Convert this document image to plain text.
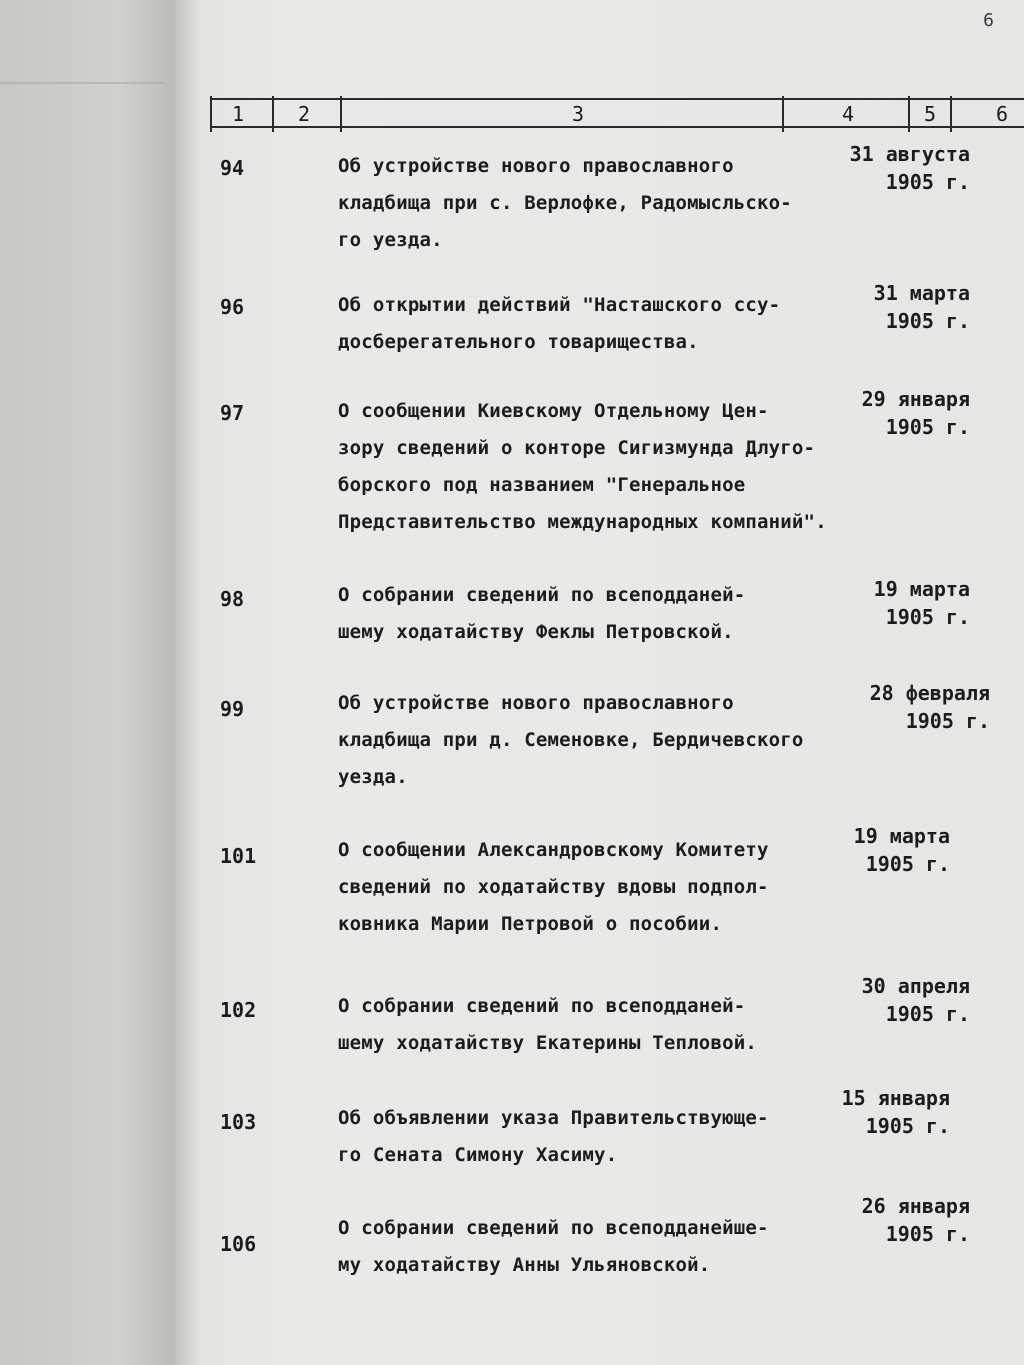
6
1	2	3	4	5	6
94	Об устройстве нового православного
кладбища при с. Верлофке, Радомысльско-
го уезда.
31 августа
1905 г.
96	Об открытии действий "Насташского ссу-
досберегательного товарищества.
31 марта
1905 г.
97	О сообщении Киевскому Отдельному Цен-
зору сведений о конторе Сигизмунда Длуго-
борского под названием "Генеральное
Представительство международных компаний".
29 января
1905 г.
98	О собрании сведений по всеподданей-
шему ходатайству Феклы Петровской.
19 марта
1905 г.
99	Об устройстве нового православного
кладбища при д. Семеновке, Бердичевского
уезда.
28 февраля
1905 г.
101	О сообщении Александровскому Комитету
сведений по ходатайству вдовы подпол-
ковника Марии Петровой о пособии.
19 марта
1905 г.
102	О собрании сведений по всеподданей-
шему ходатайству Екатерины Тепловой.
30 апреля
1905 г.
103	Об объявлении указа Правительствующе-
го Сената Симону Хасиму.
15 января
1905 г.
106
О собрании сведений по всеподданейше-
му ходатайству Анны Ульяновской.
26 января
1905 г.
